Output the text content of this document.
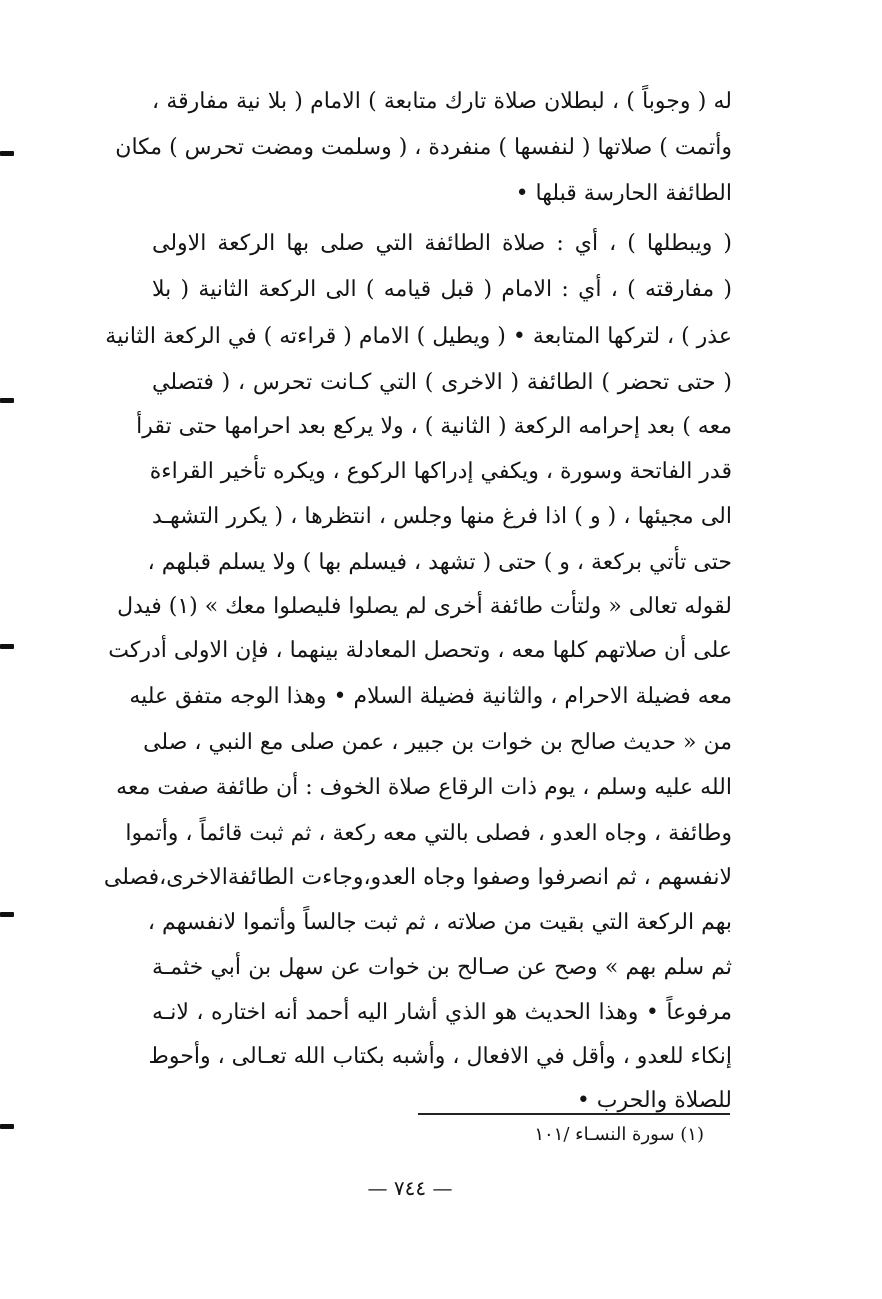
له ( وجوباً ) ، لبطلان صلاة تارك متابعة ) الامام ( بلا نية مفارقة ،
وأتمت ) صلاتها ( لنفسها ) منفردة ، ( وسلمت ومضت تحرس ) مكان
الطائفة الحارسة قبلها •
( ويبطلها ) ، أي : صلاة الطائفة التي صلى بها الركعة الاولى
( مفارقته ) ، أي : الامام ( قبل قيامه ) الى الركعة الثانية ( بلا
عذر ) ، لتركها المتابعة • ( ويطيل ) الامام ( قراءته ) في الركعة الثانية
( حتى تحضر ) الطائفة ( الاخرى ) التي كـانت تحرس ، ( فتصلي
معه ) بعد إحرامه الركعة ( الثانية ) ، ولا يركع بعد احرامها حتى تقرأ
قدر الفاتحة وسورة ، ويكفي إدراكها الركوع ، ويكره تأخير القراءة
الى مجيئها ، ( و ) اذا فرغ منها وجلس ، انتظرها ، ( يكرر التشهـد
حتى تأتي بركعة ، و ) حتى ( تشهد ، فيسلم بها ) ولا يسلم قبلهم ،
لقوله تعالى « ولتأت طائفة أخرى لم يصلوا فليصلوا معك » (١) فيدل
على أن صلاتهم كلها معه ، وتحصل المعادلة بينهما ، فإن الاولى أدركت
معه فضيلة الاحرام ، والثانية فضيلة السلام • وهذا الوجه متفق عليه
من « حديث صالح بن خوات بن جبير ، عمن صلى مع النبي ، صلى
الله عليه وسلم ، يوم ذات الرقاع صلاة الخوف : أن طائفة صفت معه
وطائفة ، وجاه العدو ، فصلى بالتي معه ركعة ، ثم ثبت قائماً ، وأتموا
لانفسهم ، ثم انصرفوا وصفوا وجاه العدو،وجاءت الطائفةالاخرى،فصلى
بهم الركعة التي بقيت من صلاته ، ثم ثبت جالساً وأتموا لانفسهم ،
ثم سلم بهم » وصح عن صـالح بن خوات عن سهل بن أبي خثمـة
مرفوعاً • وهذا الحديث هو الذي أشار اليه أحمد أنه اختاره ، لانـه
إنكاء للعدو ، وأقل في الافعال ، وأشبه بكتاب الله تعـالى ، وأحوط
للصلاة والحرب •
(١) سورة النسـاء /١٠١
— ٧٤٤ —
